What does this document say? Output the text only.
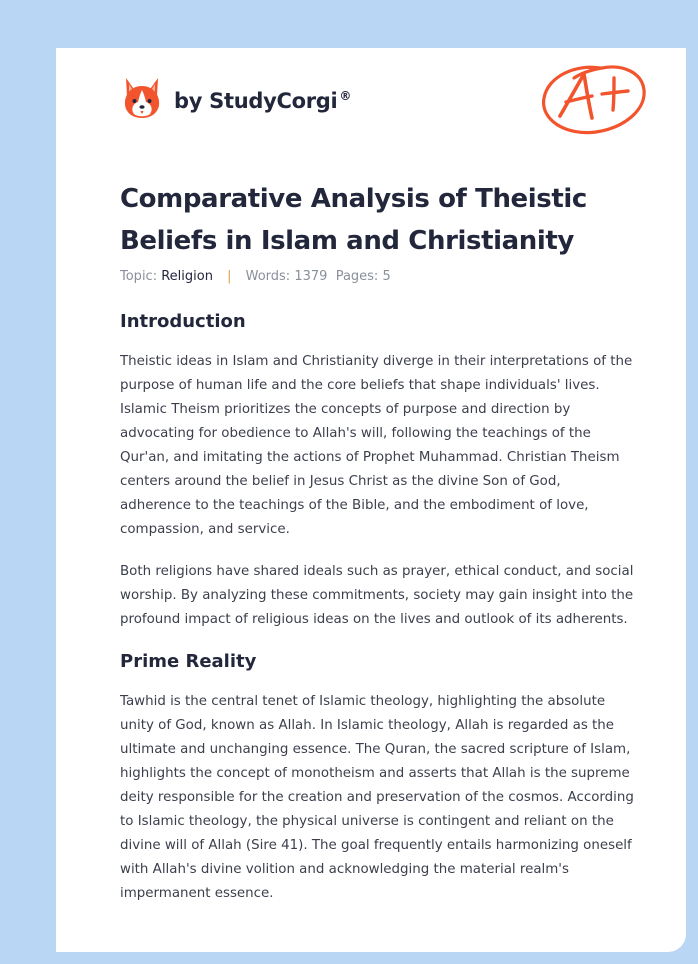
by StudyCorgi ®
Comparative Analysis of Theistic Beliefs in Islam and Christianity
Topic: Religion | Words: 1379 Pages: 5
Introduction

Theistic ideas in Islam and Christianity diverge in their interpretations of the purpose of human life and the core beliefs that shape individuals' lives. Islamic Theism prioritizes the concepts of purpose and direction by advocating for obedience to Allah's will, following the teachings of the Qur'an, and imitating the actions of Prophet Muhammad. Christian Theism centers around the belief in Jesus Christ as the divine Son of God, adherence to the teachings of the Bible, and the embodiment of love, compassion, and service.

Both religions have shared ideals such as prayer, ethical conduct, and social worship. By analyzing these commitments, society may gain insight into the profound impact of religious ideas on the lives and outlook of its adherents.

Prime Reality

Tawhid is the central tenet of Islamic theology, highlighting the absolute unity of God, known as Allah. In Islamic theology, Allah is regarded as the ultimate and unchanging essence. The Quran, the sacred scripture of Islam, highlights the concept of monotheism and asserts that Allah is the supreme deity responsible for the creation and preservation of the cosmos. According to Islamic theology, the physical universe is contingent and reliant on the divine will of Allah (Sire 41). The goal frequently entails harmonizing oneself with Allah's divine volition and acknowledging the material realm's impermanent essence.
